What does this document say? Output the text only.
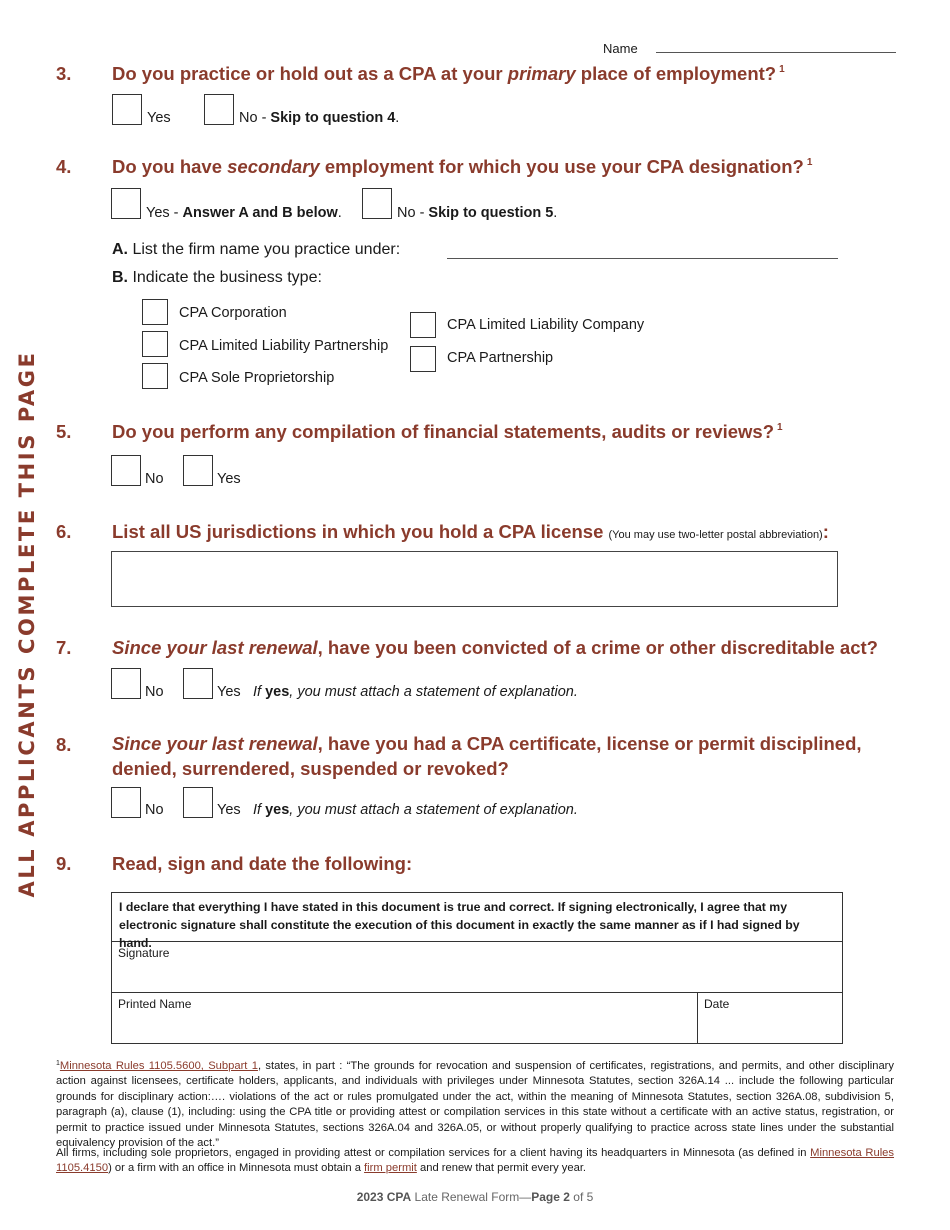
Name
ALL APPLICANTS COMPLETE THIS PAGE
3. Do you practice or hold out as a CPA at your primary place of employment? $^1$
Yes	No - Skip to question 4.
4. Do you have secondary employment for which you use your CPA designation? $^1$
Yes - Answer A and B below.	No - Skip to question 5.
A. List the firm name you practice under:
B. Indicate the business type:
CPA Corporation
CPA Limited Liability Partnership
CPA Sole Proprietorship
CPA Limited Liability Company
CPA Partnership
5. Do you perform any compilation of financial statements, audits or reviews? $^1$
No	Yes
6. List all US jurisdictions in which you hold a CPA license (You may use two-letter postal abbreviation):
7. Since your last renewal, have you been convicted of a crime or other discreditable act?
No	Yes If yes, you must attach a statement of explanation.
8. Since your last renewal, have you had a CPA certificate, license or permit disciplined, denied, surrendered, suspended or revoked?
No	Yes If yes, you must attach a statement of explanation.
9. Read, sign and date the following:
I declare that everything I have stated in this document is true and correct. If signing electronically, I agree that my electronic signature shall constitute the execution of this document in exactly the same manner as if I had signed by hand.
Signature
Printed Name	Date
$^1$Minnesota Rules 1105.5600, Subpart 1, states, in part : “The grounds for revocation and suspension of certificates, registrations, and permits, and other disciplinary action against licensees, certificate holders, applicants, and individuals with privileges under Minnesota Statutes, section 326A.14 ... include the following particular grounds for disciplinary action:…. violations of the act or rules promulgated under the act, within the meaning of Minnesota Statutes, section 326A.08, subdivision 5, paragraph (a), clause (1), including: using the CPA title or providing attest or compilation services in this state without a certificate with an active status, registration, or permit to practice issued under Minnesota Statutes, sections 326A.04 and 326A.05, or without properly qualifying to practice across state lines under the substantial equivalency provision of the act.”
All firms, including sole proprietors, engaged in providing attest or compilation services for a client having its headquarters in Minnesota (as defined in Minnesota Rules 1105.4150) or a firm with an office in Minnesota must obtain a firm permit and renew that permit every year.
2023 CPA Late Renewal Form—Page 2 of 5
